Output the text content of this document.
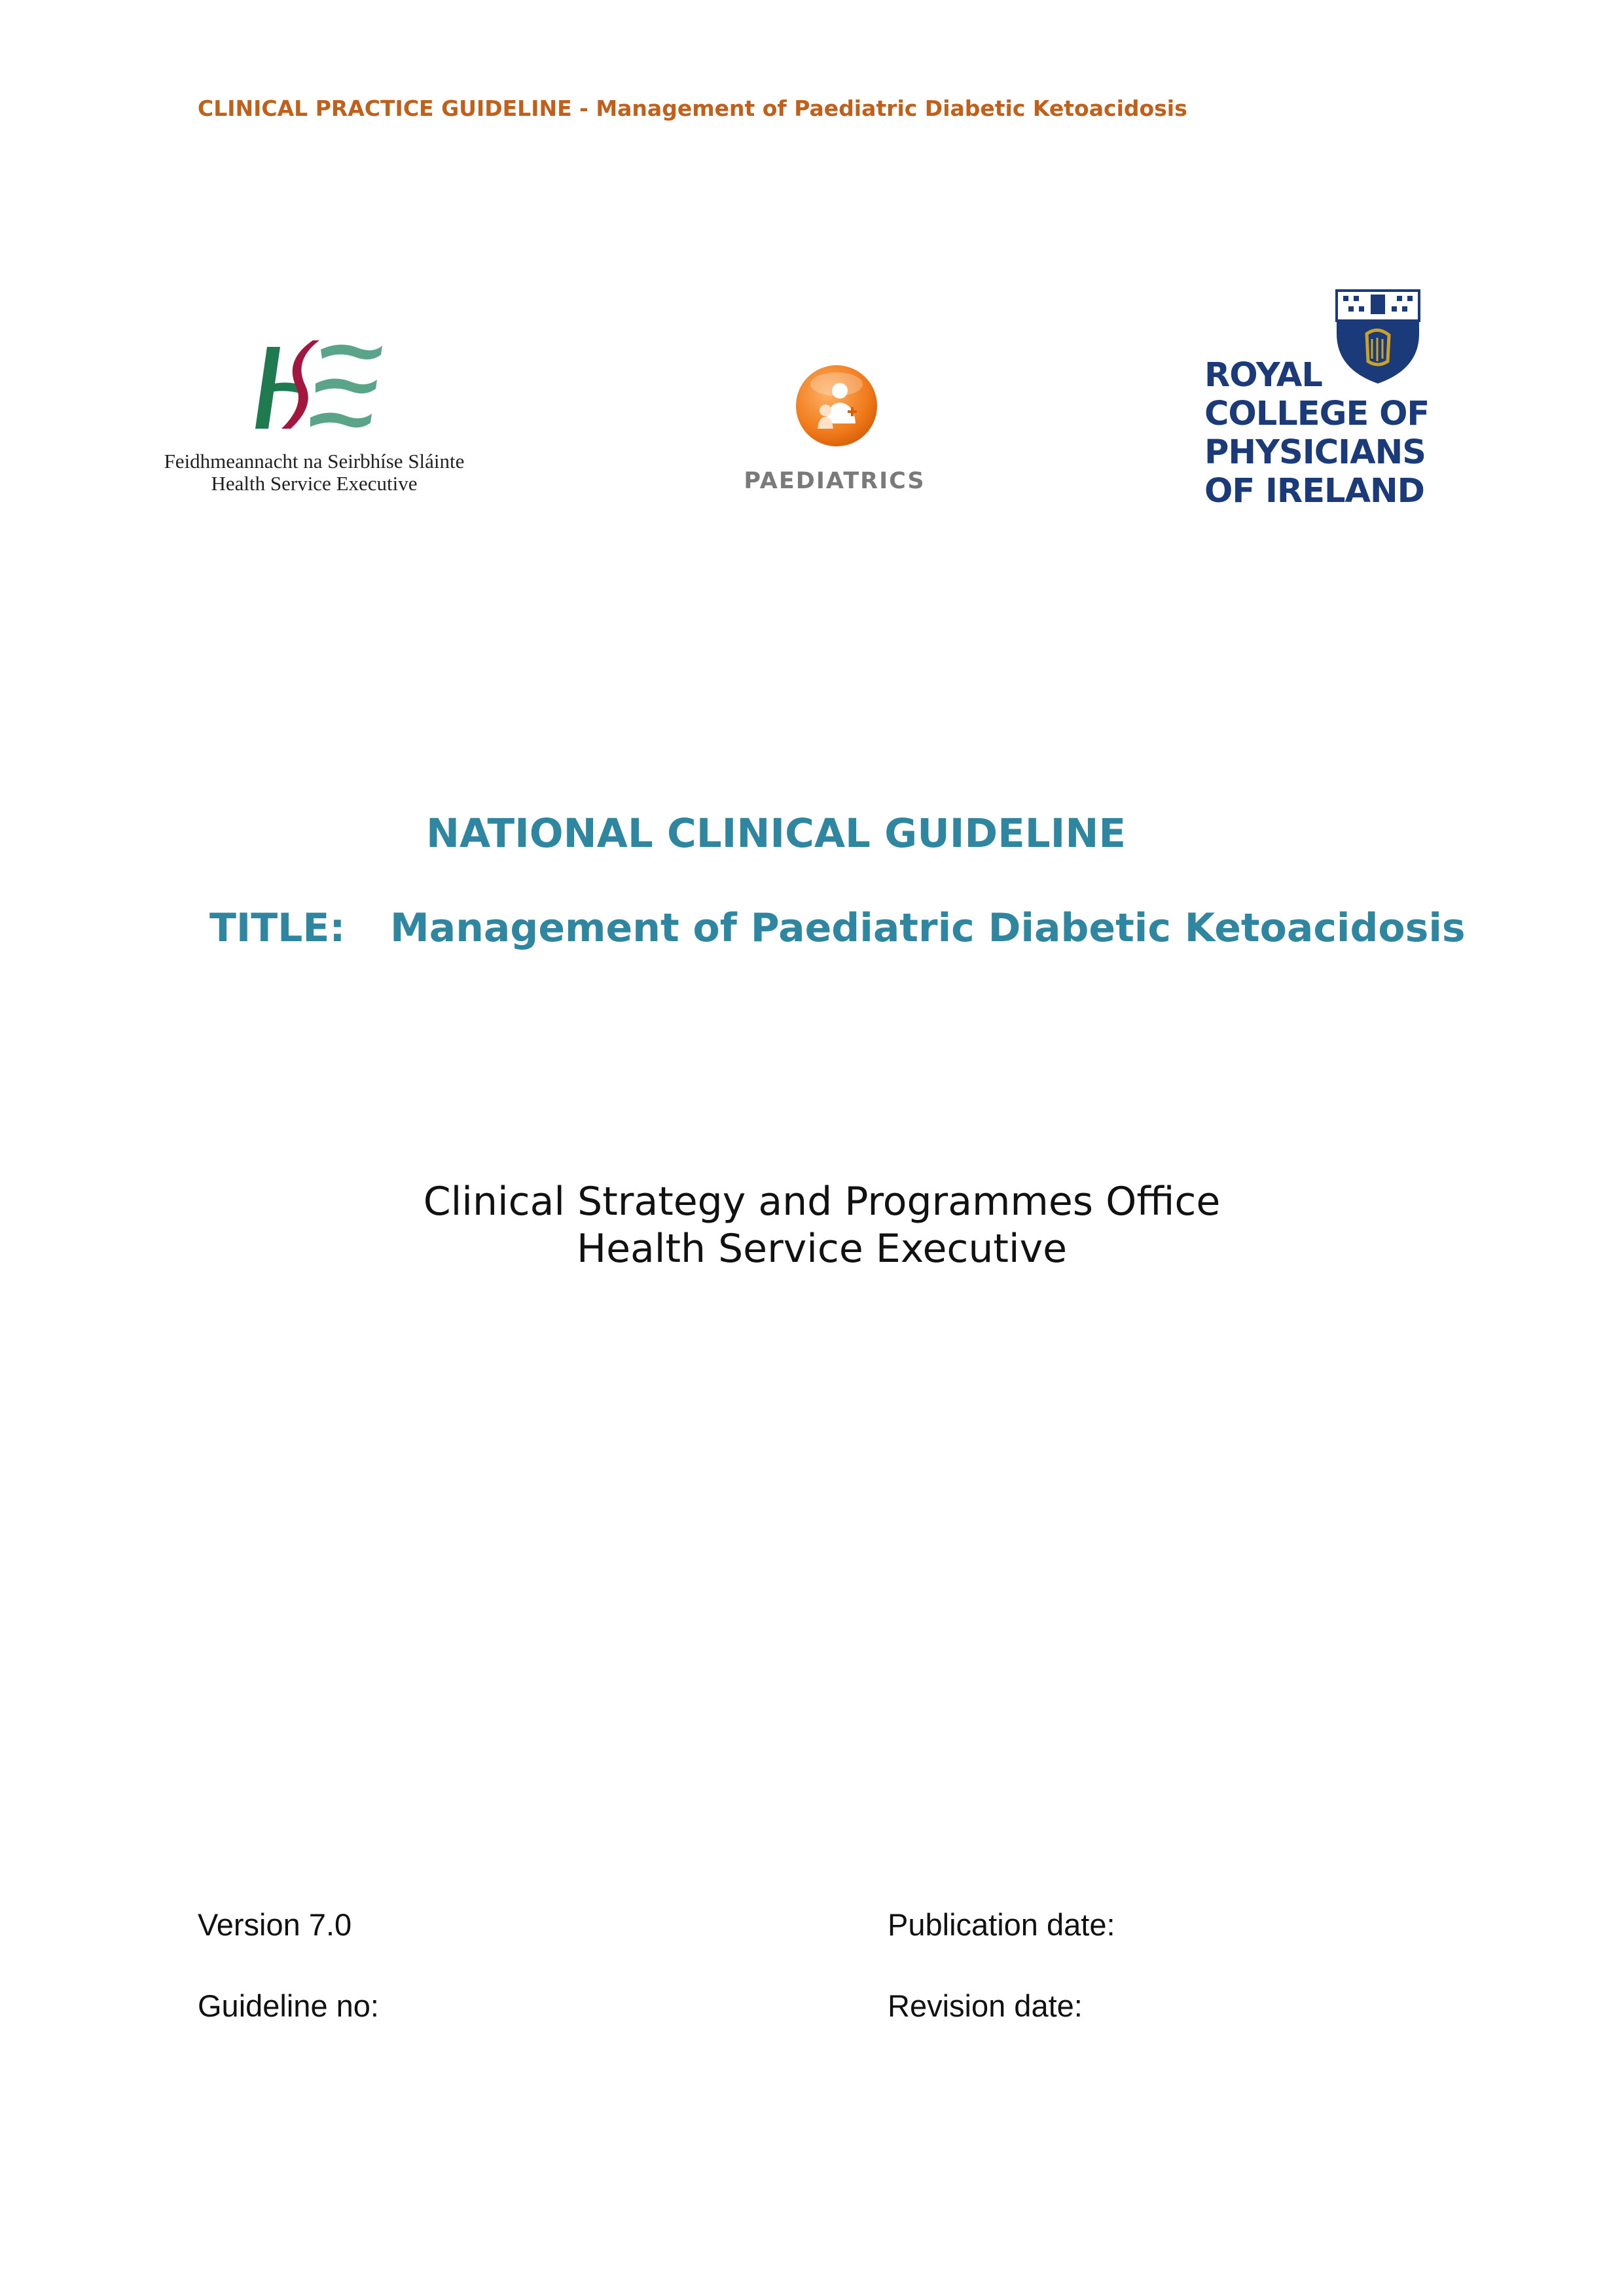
CLINICAL PRACTICE GUIDELINE - Management of Paediatric Diabetic Ketoacidosis
Feidhmeannacht na Seirbhíse Sláinte
Health Service Executive	PAEDIATRICS
ROYAL
COLLEGE OF
PHYSICIANS
OF IRELAND
NATIONAL CLINICAL GUIDELINE
TITLE: Management of Paediatric Diabetic Ketoacidosis
Clinical Strategy and Programmes Office
Health Service Executive
Version 7.0	Publication date:
Guideline no:	Revision date:
